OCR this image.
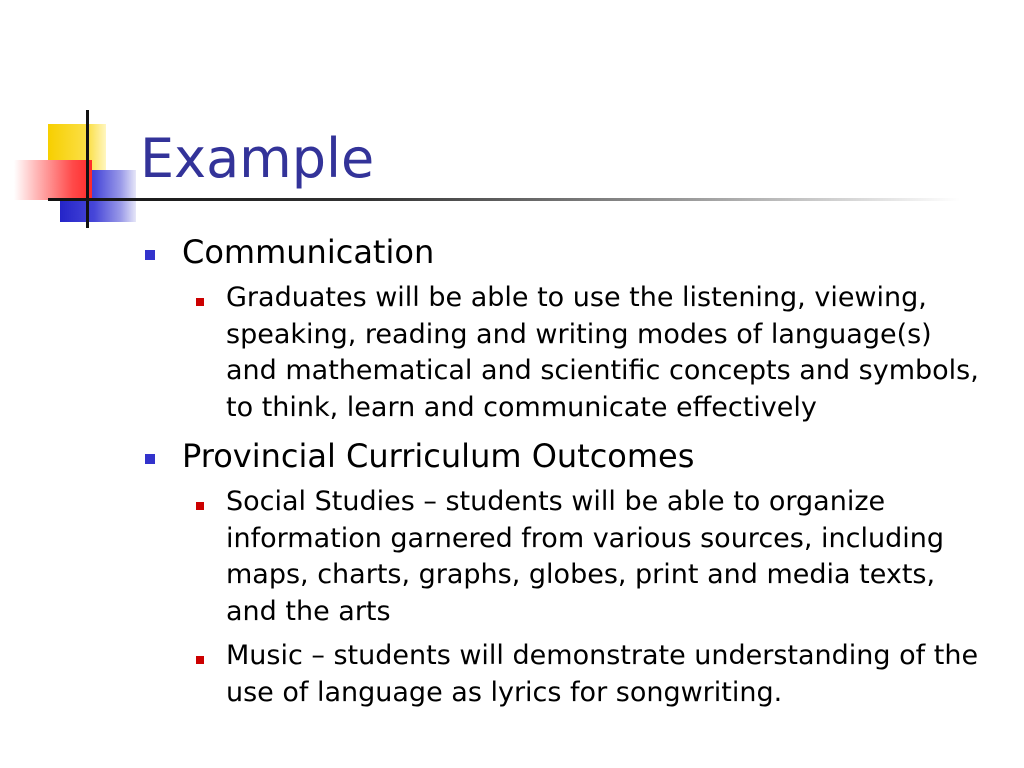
Example
Communication
Graduates will be able to use the listening, viewing, speaking, reading and writing modes of language(s) and mathematical and scientific concepts and symbols, to think, learn and communicate effectively
Provincial Curriculum Outcomes
Social Studies – students will be able to organize information garnered from various sources, including maps, charts, graphs, globes, print and media texts, and the arts
Music – students will demonstrate understanding of the use of language as lyrics for songwriting.
